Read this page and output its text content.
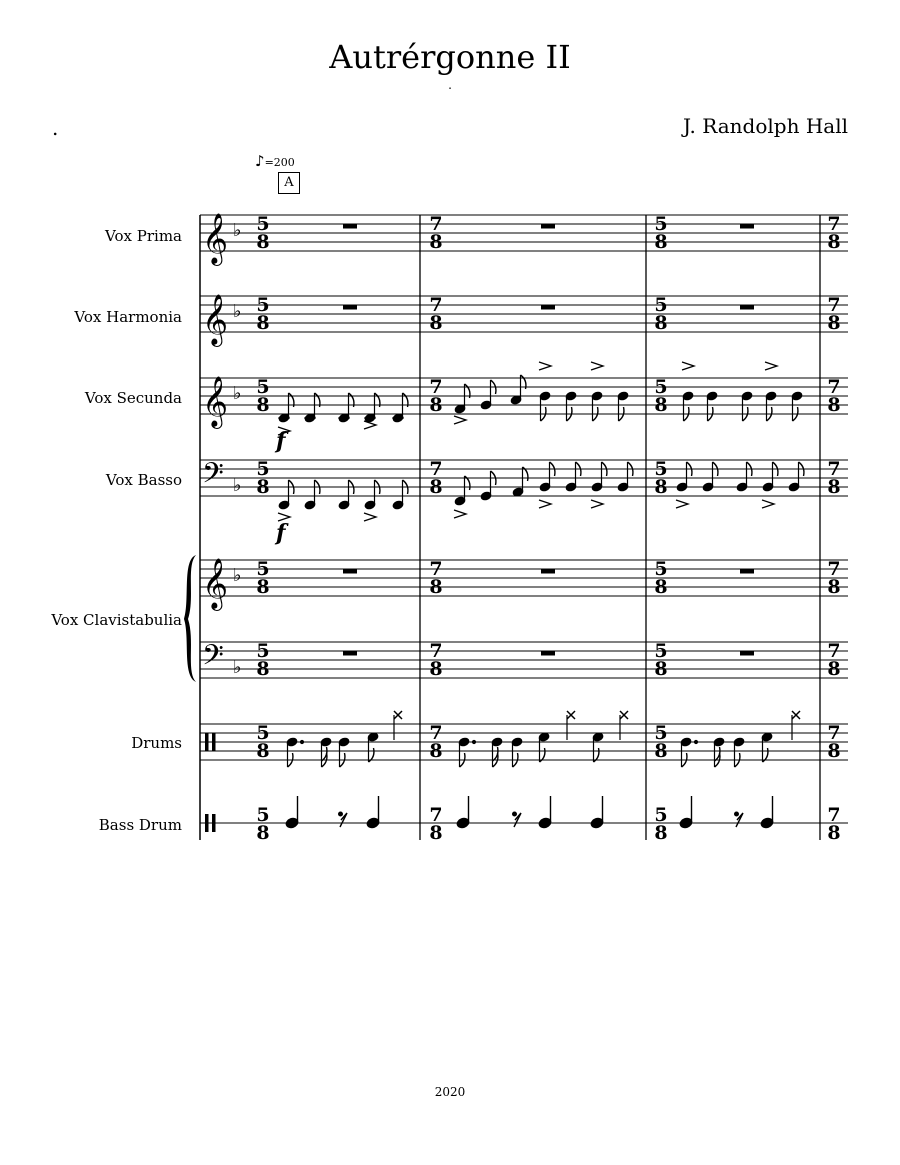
Autrérgonne II
.
.	J. Randolph Hall
♪=200
A
Vox Prima
Vox Harmonia
Vox Secunda
Vox Basso
Vox Clavistabulia
Drums
Bass Drum
𝄞
𝄞
𝄞
𝄢
𝄞
𝄢
♭
♭
♭
♭
♭
♭
5
8
5
8
5
8
5
8
5
8
5
8
5
8
5
8
7
8
7
8
7
8
7
8
7
8
7
8
7
8
7
8
5
8
5
8
5
8
5
8
5
8
5
8
5
8
5
8
7
8
7
8
7
8
7
8
7
8
7
8
7
8
7
8
f
f
2020
